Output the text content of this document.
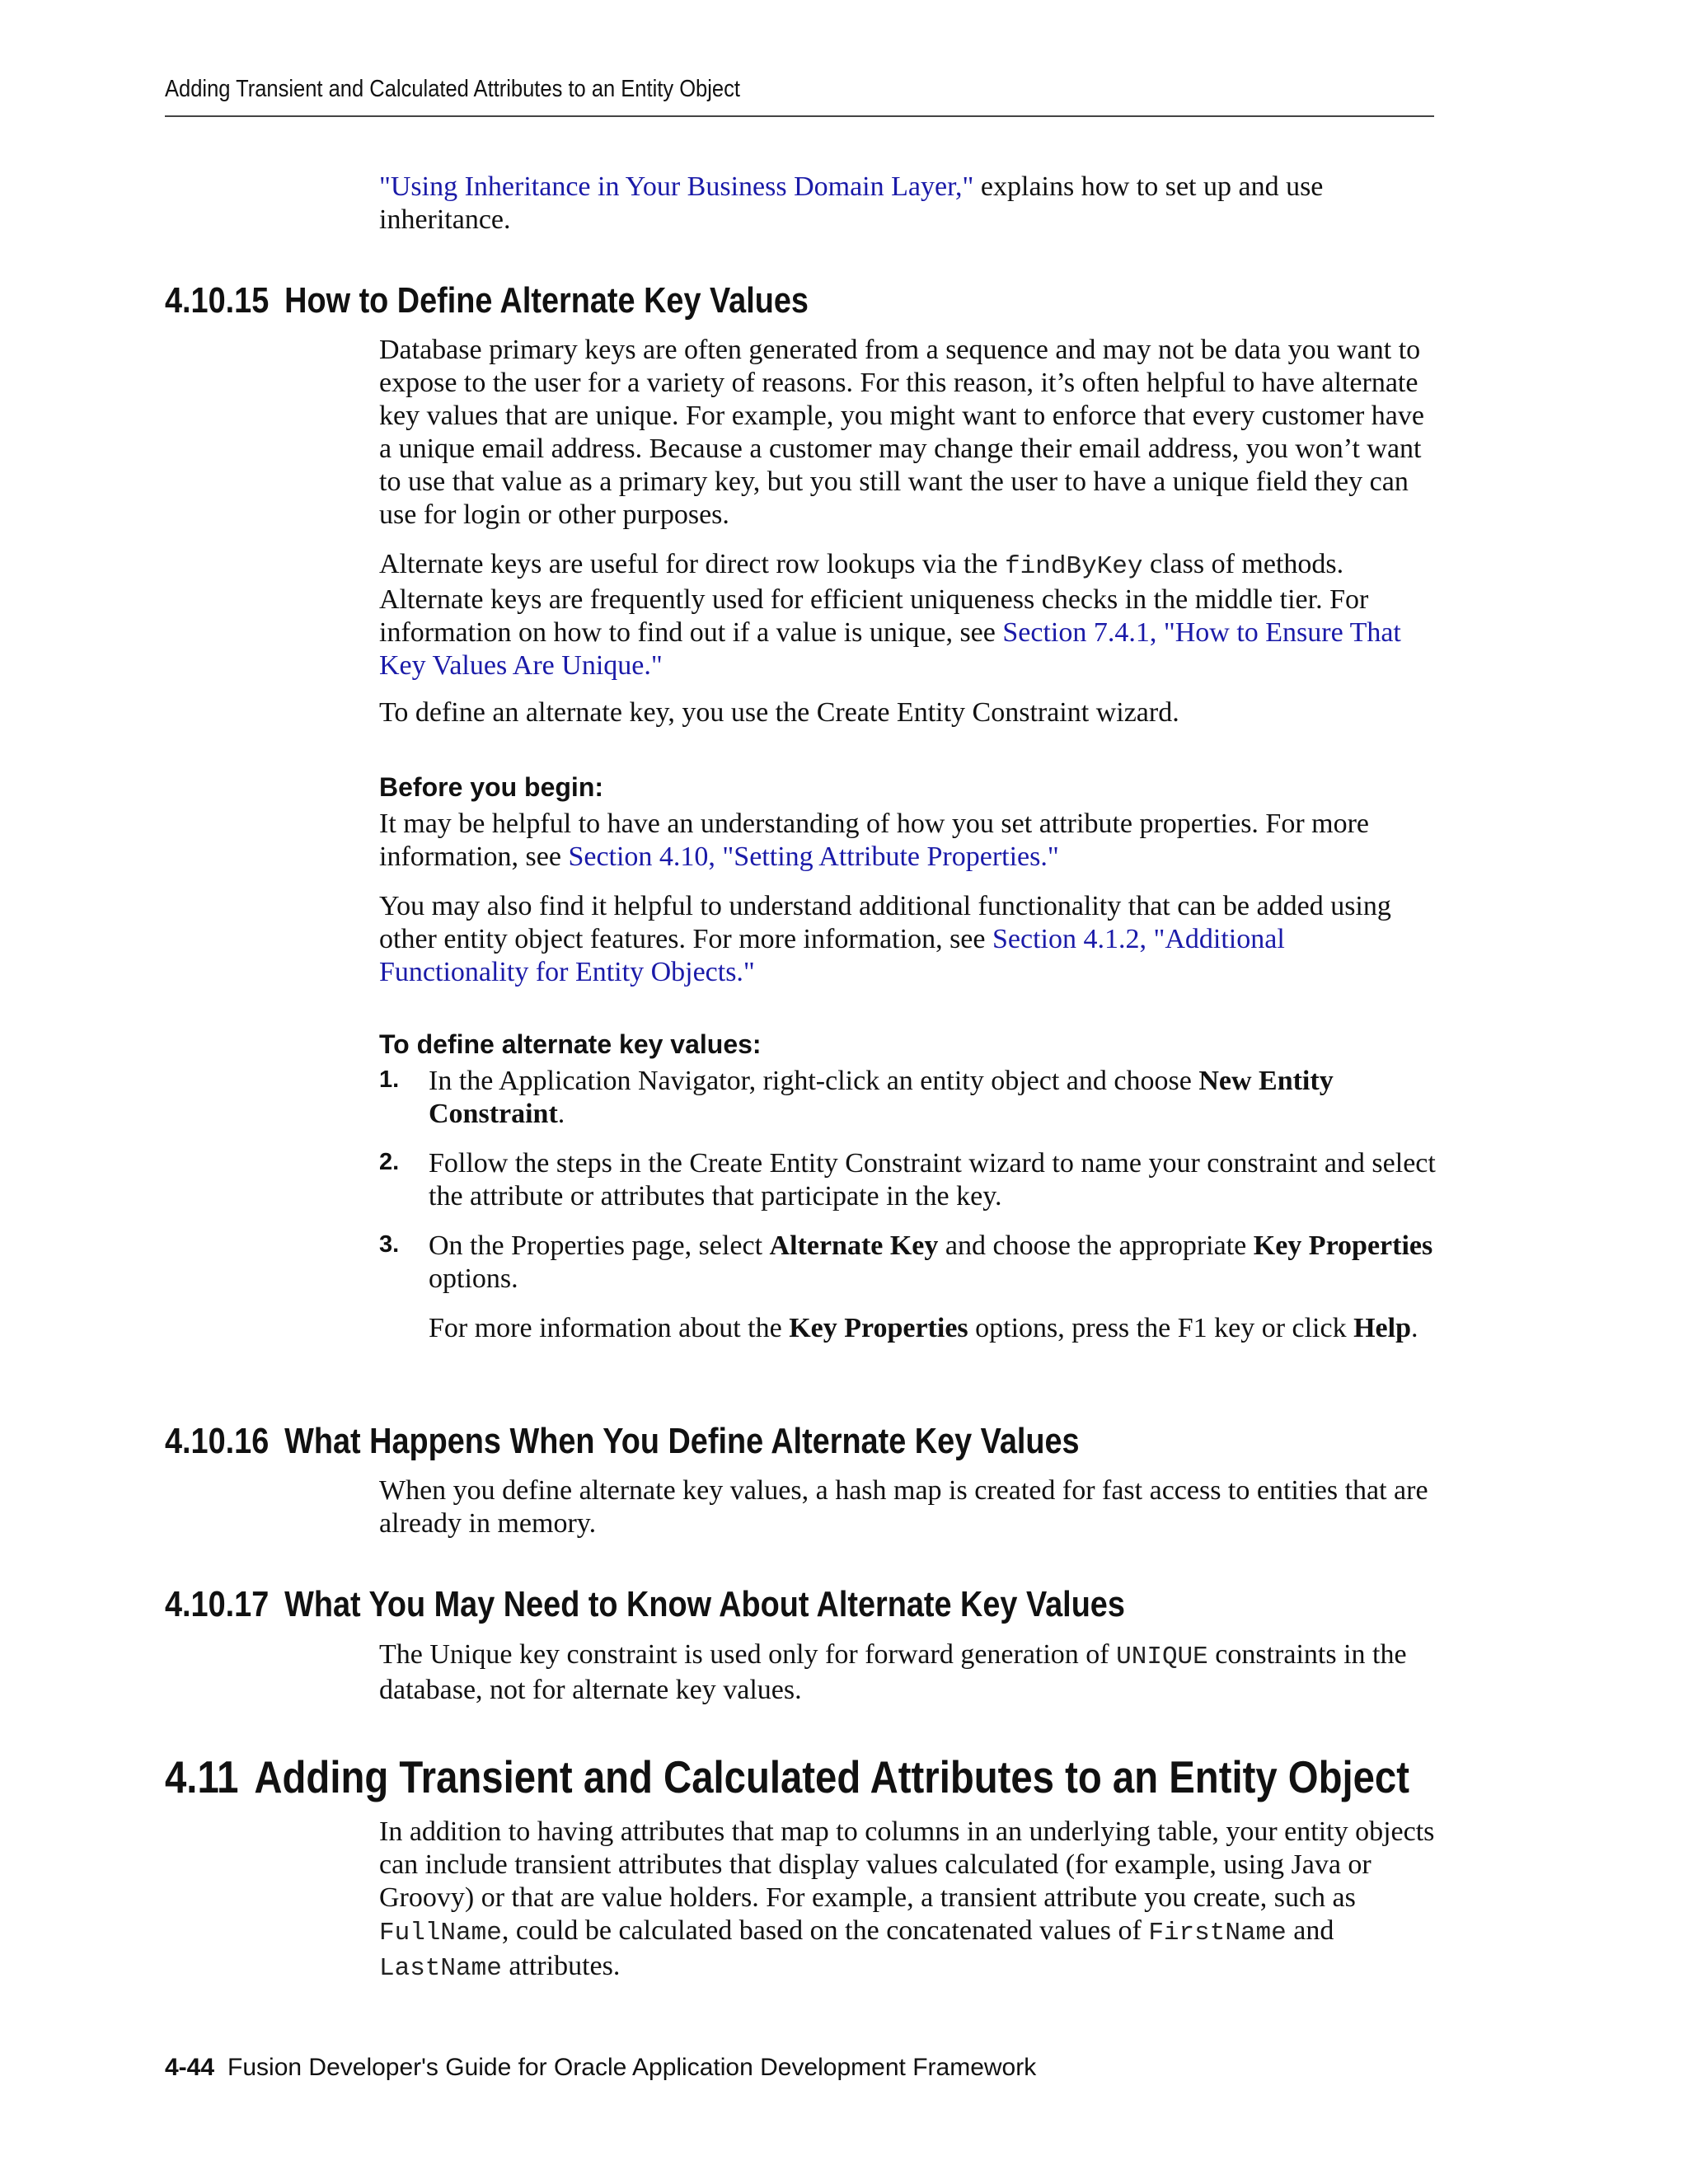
Adding Transient and Calculated Attributes to an Entity Object

"Using Inheritance in Your Business Domain Layer," explains how to set up and use inheritance.

4.10.15 How to Define Alternate Key Values

Database primary keys are often generated from a sequence and may not be data you want to expose to the user for a variety of reasons. For this reason, it’s often helpful to have alternate key values that are unique. For example, you might want to enforce that every customer have a unique email address. Because a customer may change their email address, you won’t want to use that value as a primary key, but you still want the user to have a unique field they can use for login or other purposes.

Alternate keys are useful for direct row lookups via the findByKey class of methods. Alternate keys are frequently used for efficient uniqueness checks in the middle tier. For information on how to find out if a value is unique, see Section 7.4.1, "How to Ensure That Key Values Are Unique."

To define an alternate key, you use the Create Entity Constraint wizard.

Before you begin:

It may be helpful to have an understanding of how you set attribute properties. For more information, see Section 4.10, "Setting Attribute Properties."

You may also find it helpful to understand additional functionality that can be added using other entity object features. For more information, see Section 4.1.2, "Additional Functionality for Entity Objects."

To define alternate key values:
1. In the Application Navigator, right-click an entity object and choose New Entity Constraint.

2. Follow the steps in the Create Entity Constraint wizard to name your constraint and select the attribute or attributes that participate in the key.

3. On the Properties page, select Alternate Key and choose the appropriate Key Properties options.

For more information about the Key Properties options, press the F1 key or click Help.

4.10.16 What Happens When You Define Alternate Key Values

When you define alternate key values, a hash map is created for fast access to entities that are already in memory.

4.10.17 What You May Need to Know About Alternate Key Values

The Unique key constraint is used only for forward generation of UNIQUE constraints in the database, not for alternate key values.

4.11 Adding Transient and Calculated Attributes to an Entity Object

In addition to having attributes that map to columns in an underlying table, your entity objects can include transient attributes that display values calculated (for example, using Java or Groovy) or that are value holders. For example, a transient attribute you create, such as FullName, could be calculated based on the concatenated values of FirstName and LastName attributes.

4-44 Fusion Developer's Guide for Oracle Application Development Framework
